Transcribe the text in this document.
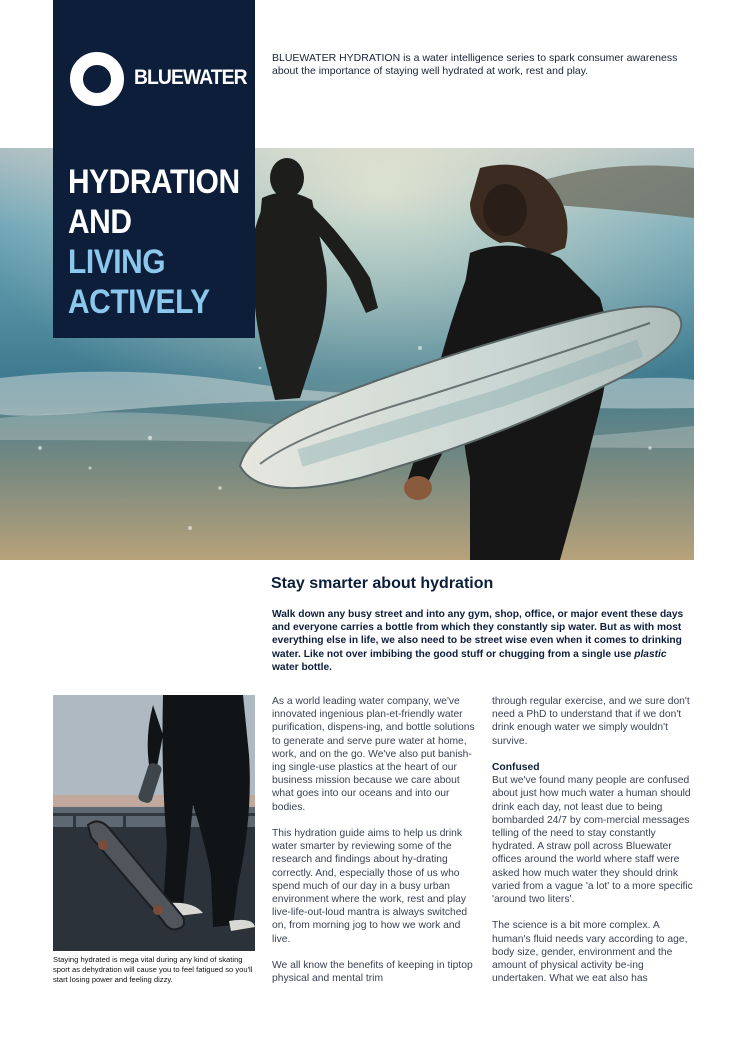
BLUEWATER
HYDRATION
AND
LIVING
ACTIVELY

BLUEWATER HYDRATION is a water intelligence series to spark consumer awareness about the importance of staying well hydrated at work, rest and play.

Stay smarter about hydration

Walk down any busy street and into any gym, shop, office, or major event these days and everyone carries a bottle from which they constantly sip water. But as with most everything else in life, we also need to be street wise even when it comes to drinking water. Like not over imbibing the good stuff or chugging from a single use plastic water bottle.

Staying hydrated is mega vital during any kind of skating sport as dehydration will cause you to feel fatigued so you'll start losing power and feeling dizzy.

As a world leading water company, we've innovated ingenious plan-et-friendly water purification, dispens-ing, and bottle solutions to generate and serve pure water at home, work, and on the go. We've also put banish-ing single-use plastics at the heart of our business mission because we care about what goes into our oceans and into our bodies.

This hydration guide aims to help us drink water smarter by reviewing some of the research and findings about hy-drating correctly. And, especially those of us who spend much of our day in a busy urban environment where the work, rest and play live-life-out-loud mantra is always switched on, from morning jog to how we work and live.

We all know the benefits of keeping in tiptop physical and mental trim

through regular exercise, and we sure don't need a PhD to understand that if we don't drink enough water we simply wouldn't survive.

Confused

But we've found many people are confused about just how much water a human should drink each day, not least due to being bombarded 24/7 by com-mercial messages telling of the need to stay constantly hydrated. A straw poll across Bluewater offices around the world where staff were asked how much water they should drink varied from a vague 'a lot' to a more specific 'around two liters'.

The science is a bit more complex. A human's fluid needs vary according to age, body size, gender, environment and the amount of physical activity be-ing undertaken. What we eat also has
